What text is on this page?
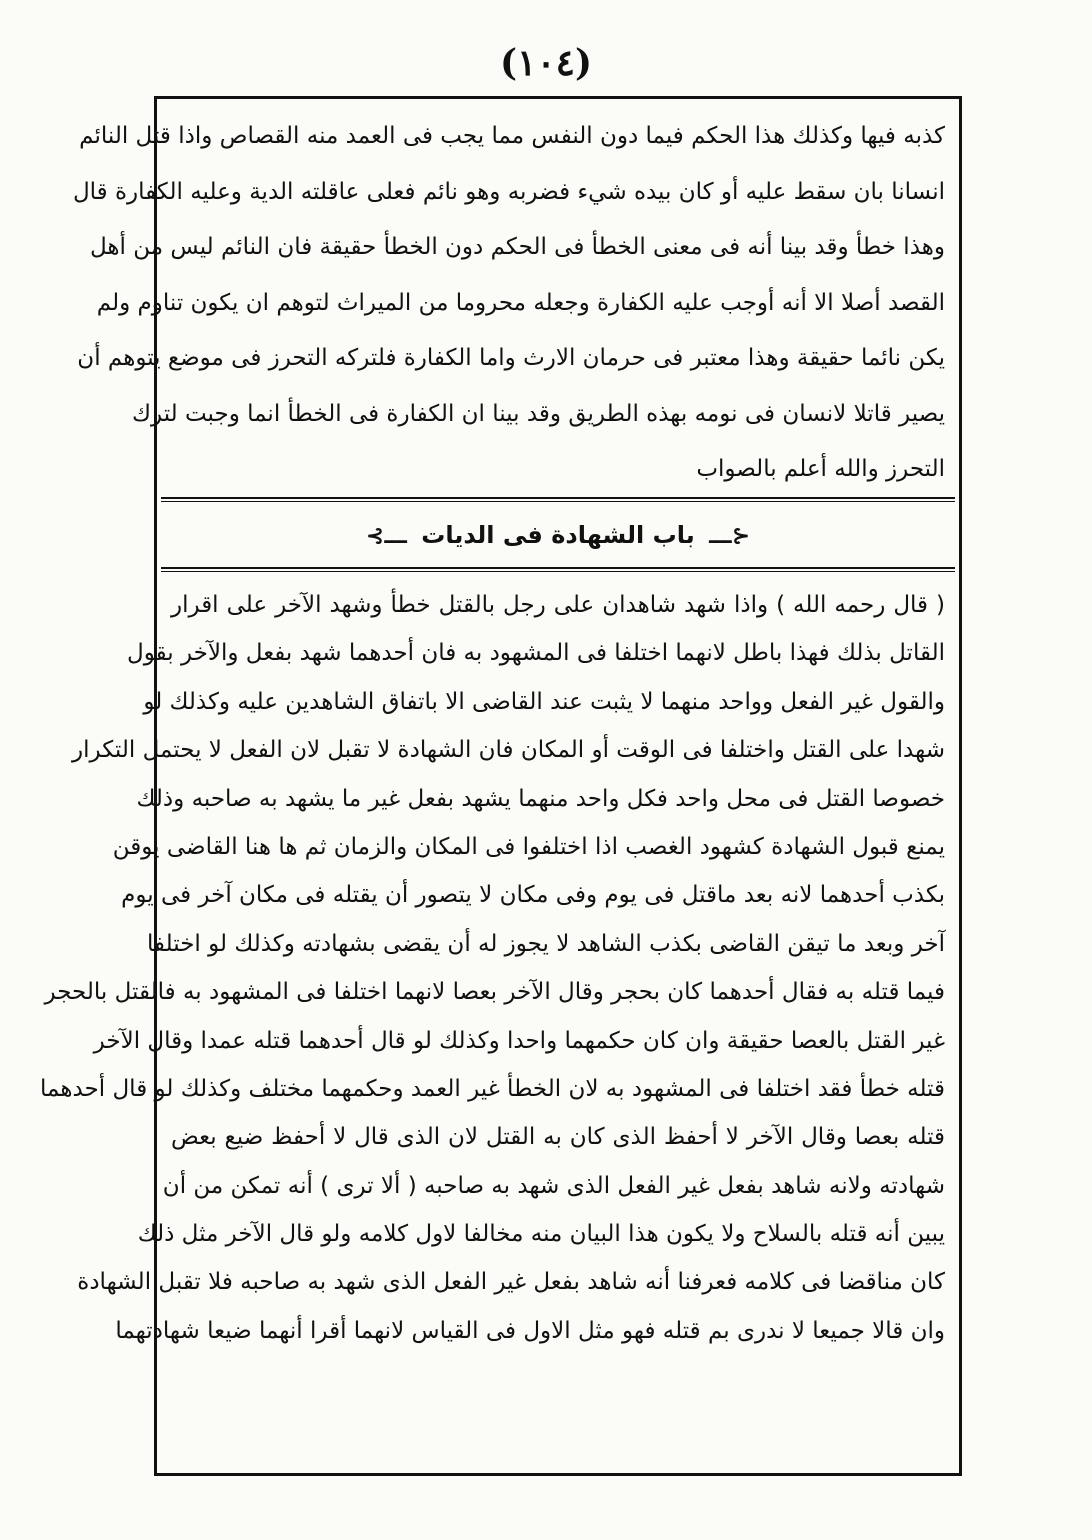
(١٠٤)
كذبه فيها وكذلك هذا الحكم فيما دون النفس مما يجب فى العمد منه القصاص واذا قتل النائم
انسانا بان سقط عليه أو كان بيده شيء فضربه وهو نائم فعلى عاقلته الدية وعليه الكفارة قال
وهذا خطأ وقد بينا أنه فى معنى الخطأ فى الحكم دون الخطأ حقيقة فان النائم ليس من أهل
القصد أصلا الا أنه أوجب عليه الكفارة وجعله محروما من الميراث لتوهم ان يكون تناوم ولم
يكن نائما حقيقة وهذا معتبر فى حرمان الارث واما الكفارة فلتركه التحرز فى موضع يتوهم أن
يصير قاتلا لانسان فى نومه بهذه الطريق وقد بينا ان الكفارة فى الخطأ انما وجبت لترك
التحرز والله أعلم بالصواب
⊰ـــ باب الشهادة فى الديات ـــ⊱
( قال رحمه الله ) واذا شهد شاهدان على رجل بالقتل خطأ وشهد الآخر على اقرار
القاتل بذلك فهذا باطل لانهما اختلفا فى المشهود به فان أحدهما شهد بفعل والآخر بقول
والقول غير الفعل وواحد منهما لا يثبت عند القاضى الا باتفاق الشاهدين عليه وكذلك لو
شهدا على القتل واختلفا فى الوقت أو المكان فان الشهادة لا تقبل لان الفعل لا يحتمل التكرار
خصوصا القتل فى محل واحد فكل واحد منهما يشهد بفعل غير ما يشهد به صاحبه وذلك
يمنع قبول الشهادة كشهود الغصب اذا اختلفوا فى المكان والزمان ثم ها هنا القاضى يوقن
بكذب أحدهما لانه بعد ماقتل فى يوم وفى مكان لا يتصور أن يقتله فى مكان آخر فى يوم
آخر وبعد ما تيقن القاضى بكذب الشاهد لا يجوز له أن يقضى بشهادته وكذلك لو اختلفا
فيما قتله به فقال أحدهما كان بحجر وقال الآخر بعصا لانهما اختلفا فى المشهود به فالقتل بالحجر
غير القتل بالعصا حقيقة وان كان حكمهما واحدا وكذلك لو قال أحدهما قتله عمدا وقال الآخر
قتله خطأ فقد اختلفا فى المشهود به لان الخطأ غير العمد وحكمهما مختلف وكذلك لو قال أحدهما
قتله بعصا وقال الآخر لا أحفظ الذى كان به القتل لان الذى قال لا أحفظ ضيع بعض
شهادته ولانه شاهد بفعل غير الفعل الذى شهد به صاحبه ( ألا ترى ) أنه تمكن من أن
يبين أنه قتله بالسلاح ولا يكون هذا البيان منه مخالفا لاول كلامه ولو قال الآخر مثل ذلك
كان مناقضا فى كلامه فعرفنا أنه شاهد بفعل غير الفعل الذى شهد به صاحبه فلا تقبل الشهادة
وان قالا جميعا لا ندرى بم قتله فهو مثل الاول فى القياس لانهما أقرا أنهما ضيعا شهادتهما
